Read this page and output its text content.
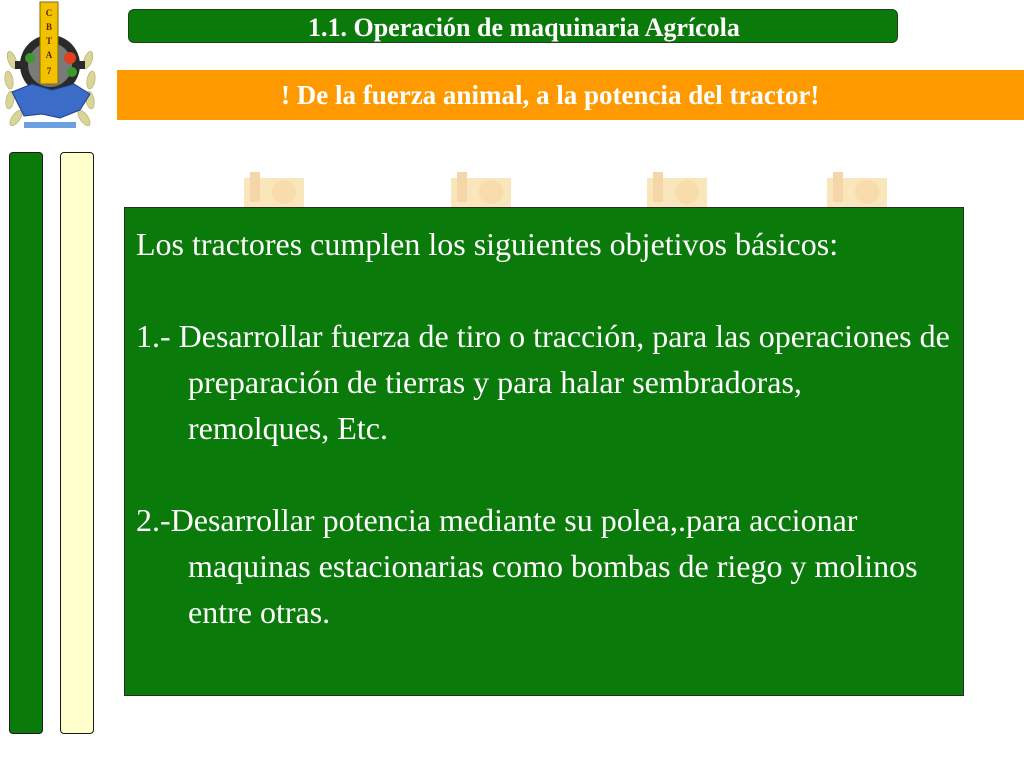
C
B
T
A
7
1.1. Operación de maquinaria Agrícola
! De la fuerza animal, a la potencia del tractor!

Los tractores cumplen los siguientes objetivos básicos:

1.- Desarrollar fuerza de tiro o tracción, para las operaciones de preparación de tierras y para halar sembradoras, remolques, Etc.

2.-Desarrollar potencia mediante su polea,.para accionar maquinas estacionarias como bombas de riego y molinos entre otras.
